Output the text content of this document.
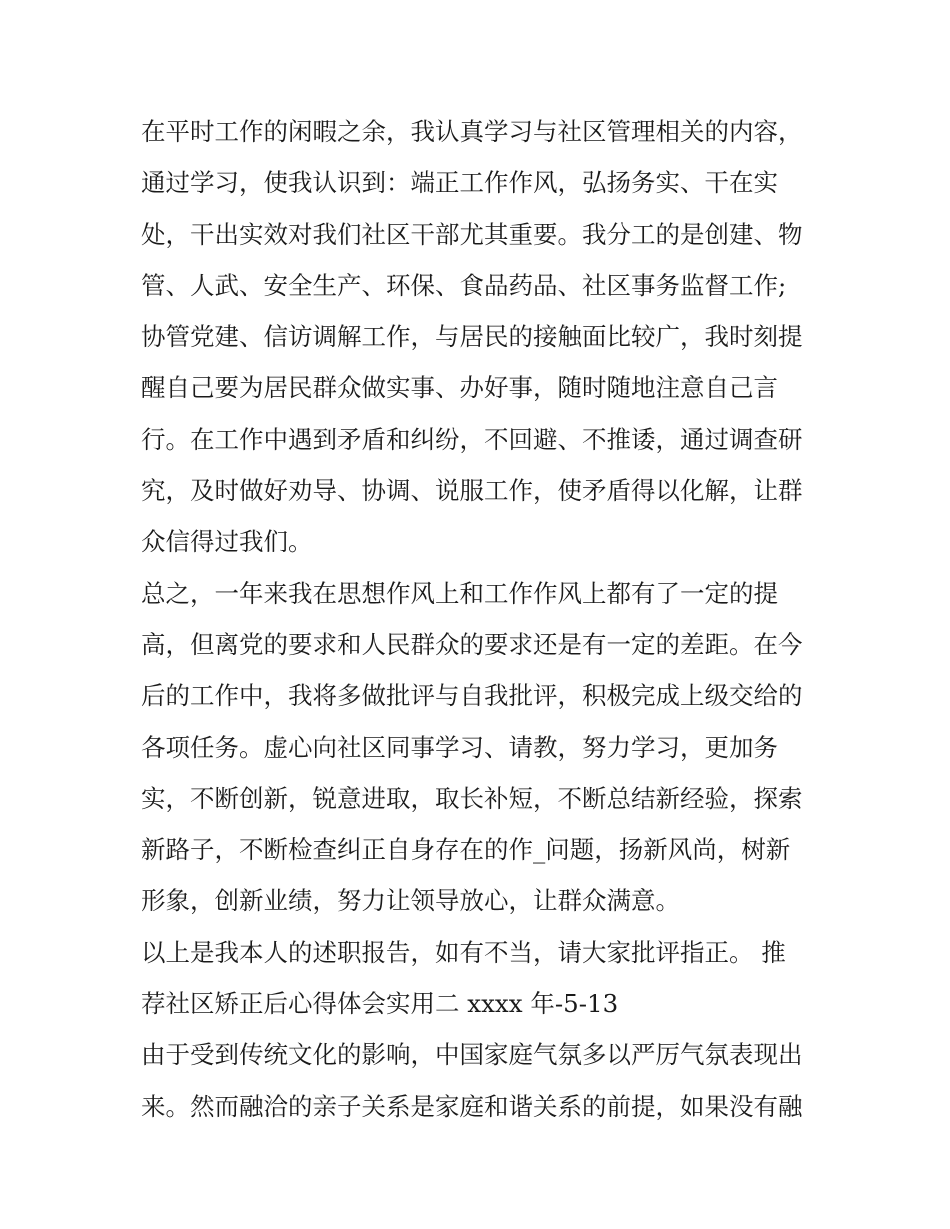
在平时工作的闲暇之余，我认真学习与社区管理相关的内容，
通过学习，使我认识到：端正工作作风，弘扬务实、干在实
处，干出实效对我们社区干部尤其重要。我分工的是创建、物
管、人武、安全生产、环保、食品药品、社区事务监督工作;
协管党建、信访调解工作，与居民的接触面比较广，我时刻提
醒自己要为居民群众做实事、办好事，随时随地注意自己言
行。在工作中遇到矛盾和纠纷，不回避、不推诿，通过调查研
究，及时做好劝导、协调、说服工作，使矛盾得以化解，让群
众信得过我们。
总之，一年来我在思想作风上和工作作风上都有了一定的提
高，但离党的要求和人民群众的要求还是有一定的差距。在今
后的工作中，我将多做批评与自我批评，积极完成上级交给的
各项任务。虚心向社区同事学习、请教，努力学习，更加务
实，不断创新，锐意进取，取长补短，不断总结新经验，探索
新路子，不断检查纠正自身存在的作_问题，扬新风尚，树新
形象，创新业绩，努力让领导放心，让群众满意。
以上是我本人的述职报告，如有不当，请大家批评指正。 推
荐社区矫正后心得体会实用二 xxxx 年-5-13
由于受到传统文化的影响，中国家庭气氛多以严厉气氛表现出
来。然而融洽的亲子关系是家庭和谐关系的前提，如果没有融
